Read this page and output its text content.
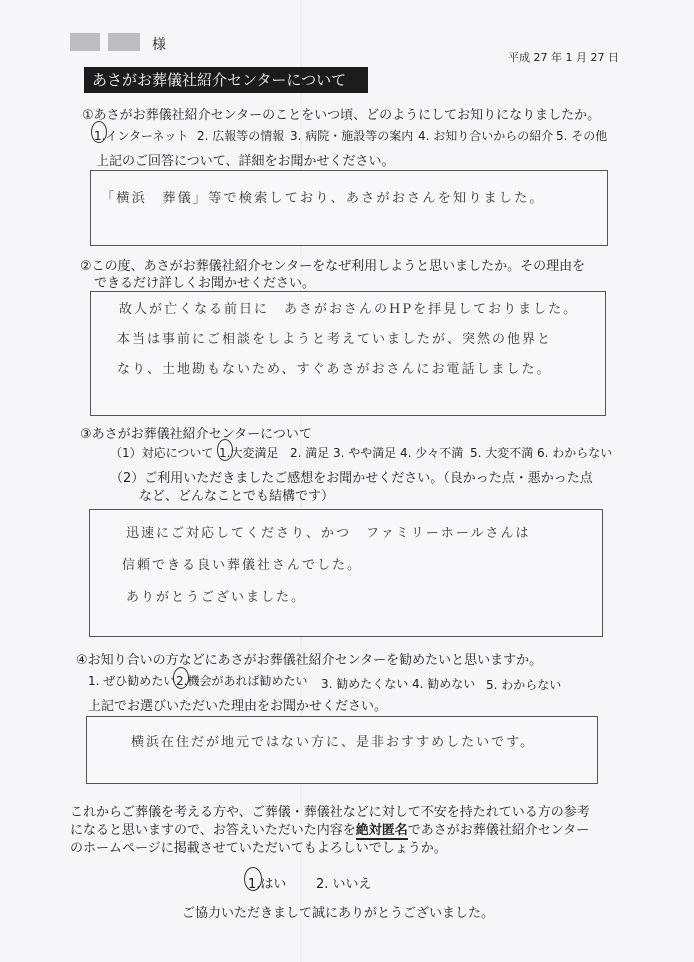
様
平成 27 年 1 月 27 日
あさがお葬儀社紹介センターについて
①あさがお葬儀社紹介センターのことをいつ頃、どのようにしてお知りになりましたか。
1.インターネット 2. 広報等の情報 3. 病院・施設等の案内 4. お知り合いからの紹介 5. その他
上記のご回答について、詳細をお聞かせください。
「横浜　葬儀」等で検索しており、あさがおさんを知りました。
②この度、あさがお葬儀社紹介センターをなぜ利用しようと思いましたか。その理由を
できるだけ詳しくお聞かせください。
故人が亡くなる前日に　あさがおさんのHPを拝見しておりました。
本当は事前にご相談をしようと考えていましたが、突然の他界と
なり、土地勘もないため、すぐあさがおさんにお電話しました。
③あさがお葬儀社紹介センターについて
（1）対応について 1.大変満足 2. 満足 3. やや満足 4. 少々不満 5. 大変不満 6. わからない
（2）ご利用いただきましたご感想をお聞かせください。（良かった点・悪かった点
など、どんなことでも結構です）
迅速にご対応してくださり、かつ　ファミリーホールさんは
信頼できる良い葬儀社さんでした。
ありがとうございました。
④お知り合いの方などにあさがお葬儀社紹介センターを勧めたいと思いますか。
1. ぜひ勧めたい 2.機会があれば勧めたい 3. 勧めたくない 4. 勧めない 5. わからない
上記でお選びいただいた理由をお聞かせください。
横浜在住だが地元ではない方に、是非おすすめしたいです。
これからご葬儀を考える方や、ご葬儀・葬儀社などに対して不安を持たれている方の参考
になると思いますので、お答えいただいた内容を絶対匿名であさがお葬儀社紹介センター
のホームページに掲載させていただいてもよろしいでしょうか。
1.はい 2. いいえ
ご協力いただきまして誠にありがとうございました。
